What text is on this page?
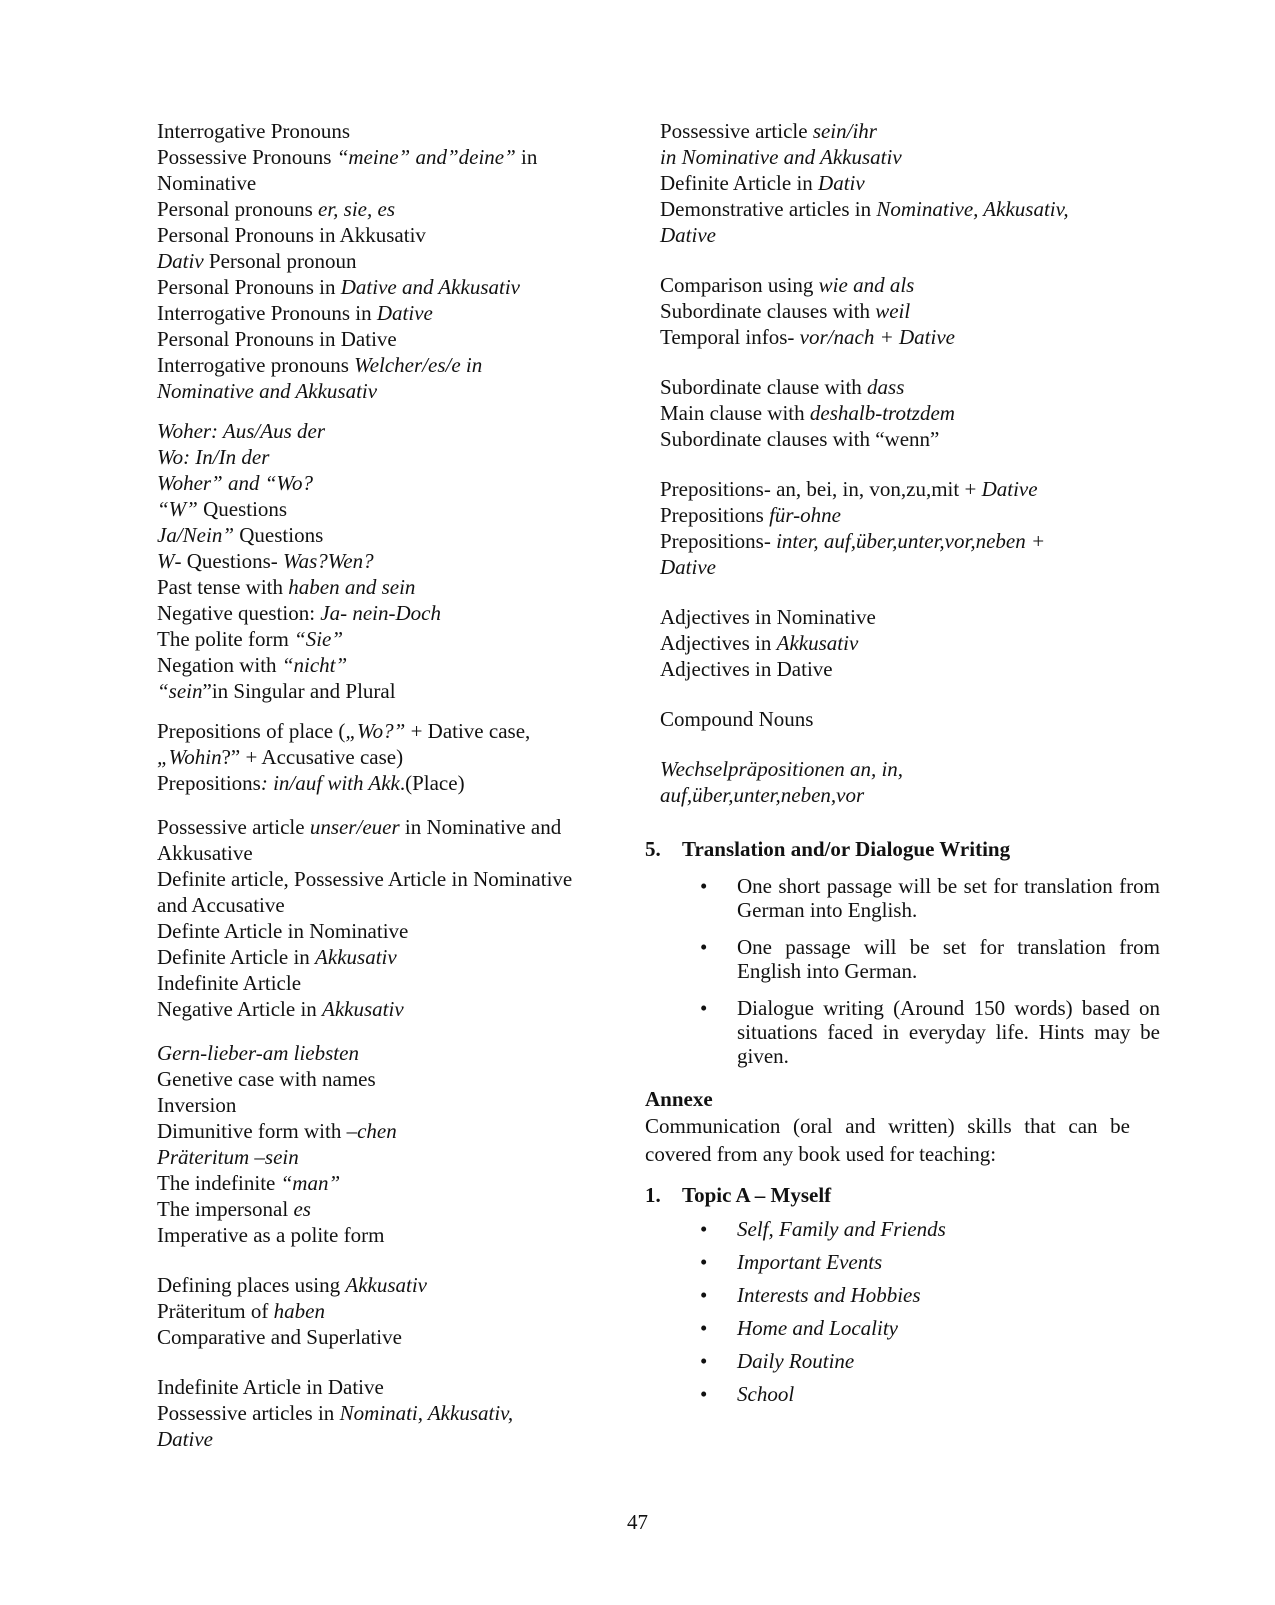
Interrogative Pronouns
Possessive Pronouns “meine” and”deine” in
Nominative
Personal pronouns er, sie, es
Personal Pronouns in Akkusativ
Dativ Personal pronoun
Personal Pronouns in Dative and Akkusativ
Interrogative Pronouns in Dative
Personal Pronouns in Dative
Interrogative pronouns Welcher/es/e in
Nominative and Akkusativ
Woher: Aus/Aus der
Wo: In/In der
Woher” and “Wo?
“W” Questions
Ja/Nein” Questions
W- Questions- Was?Wen?
Past tense with haben and sein
Negative question: Ja- nein-Doch
The polite form “Sie”
Negation with “nicht”
“sein”in Singular and Plural
Prepositions of place („Wo?” + Dative case,
„Wohin?” + Accusative case)
Prepositions: in/auf with Akk.(Place)
Possessive article unser/euer in Nominative and
Akkusative
Definite article, Possessive Article in Nominative
and Accusative
Definte Article in Nominative
Definite Article in Akkusativ
Indefinite Article
Negative Article in Akkusativ
Gern-lieber-am liebsten
Genetive case with names
Inversion
Dimunitive form with –chen
Präteritum –sein
The indefinite “man”
The impersonal es
Imperative as a polite form
Defining places using Akkusativ
Präteritum of haben
Comparative and Superlative
Indefinite Article in Dative
Possessive articles in Nominati, Akkusativ,
Dative
Possessive article sein/ihr
in Nominative and Akkusativ
Definite Article in Dativ
Demonstrative articles in Nominative, Akkusativ,
Dative
Comparison using wie and als
Subordinate clauses with weil
Temporal infos- vor/nach + Dative
Subordinate clause with dass
Main clause with deshalb-trotzdem
Subordinate clauses with “wenn”
Prepositions- an, bei, in, von,zu,mit + Dative
Prepositions für-ohne
Prepositions- inter, auf,über,unter,vor,neben +
Dative
Adjectives in Nominative
Adjectives in Akkusativ
Adjectives in Dative
Compound Nouns
Wechselpräpositionen an, in,
auf,über,unter,neben,vor
5.	Translation and/or Dialogue Writing
•	One short passage will be set for translation from German into English.
•	One passage will be set for translation from English into German.
•	Dialogue writing (Around 150 words) based on situations faced in everyday life. Hints may be given.
Annexe
Communication (oral and written) skills that can be covered from any book used for teaching:
1.	Topic A – Myself
•	Self, Family and Friends
•	Important Events
•	Interests and Hobbies
•	Home and Locality
•	Daily Routine
•	School
47
